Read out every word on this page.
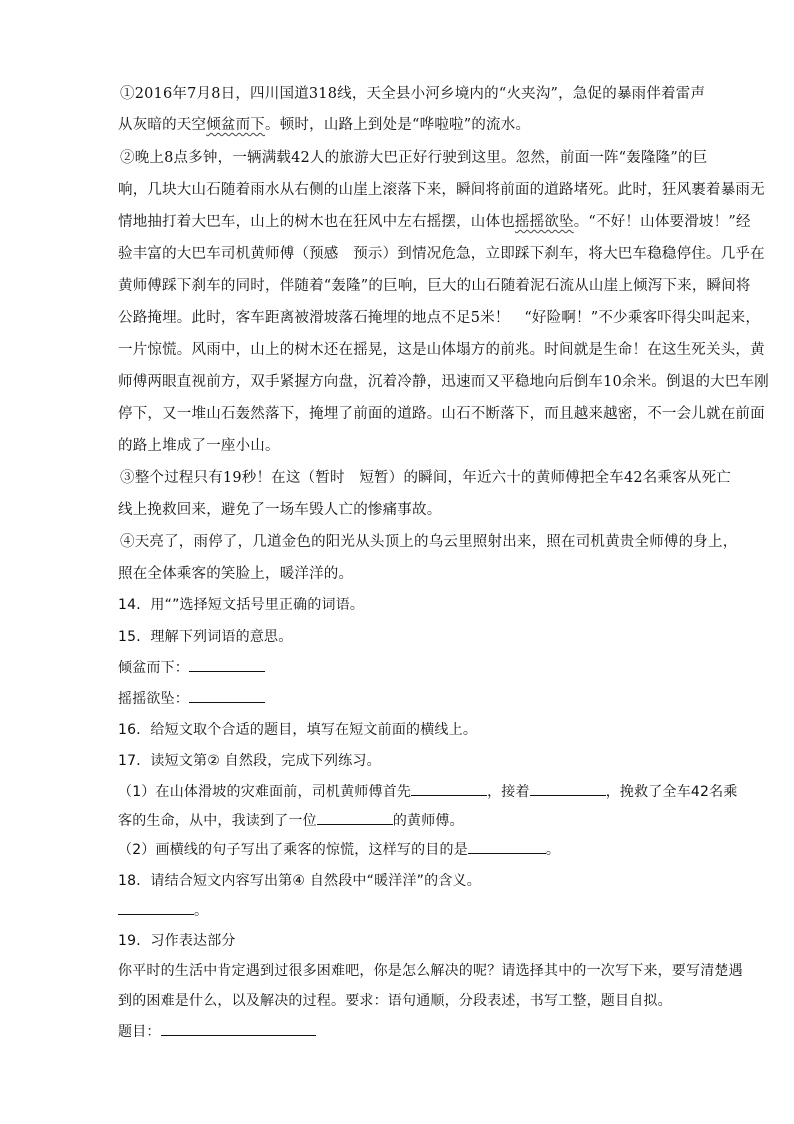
①2016年7月8日，四川国道318线，天全县小河乡境内的“火夹沟”，急促的暴雨伴着雷声
从灰暗的天空倾盆而下。顿时，山路上到处是“哗啦啦”的流水。
②晚上8点多钟，一辆满载42人的旅游大巴正好行驶到这里。忽然，前面一阵“轰隆隆”的巨
响，几块大山石随着雨水从右侧的山崖上滚落下来，瞬间将前面的道路堵死。此时，狂风裹着暴雨无
情地抽打着大巴车，山上的树木也在狂风中左右摇摆，山体也摇摇欲坠。“不好！山体要滑坡！”经
验丰富的大巴车司机黄师傅（预感　预示）到情况危急，立即踩下刹车，将大巴车稳稳停住。几乎在
黄师傅踩下刹车的同时，伴随着“轰隆”的巨响，巨大的山石随着泥石流从山崖上倾泻下来，瞬间将
公路掩埋。此时，客车距离被滑坡落石掩埋的地点不足5米！　“好险啊！”不少乘客吓得尖叫起来，
一片惊慌。风雨中，山上的树木还在摇晃，这是山体塌方的前兆。时间就是生命！在这生死关头，黄
师傅两眼直视前方，双手紧握方向盘，沉着冷静，迅速而又平稳地向后倒车10余米。倒退的大巴车刚
停下，又一堆山石轰然落下，掩埋了前面的道路。山石不断落下，而且越来越密，不一会儿就在前面
的路上堆成了一座小山。
③整个过程只有19秒！在这（暂时　短暂）的瞬间，年近六十的黄师傅把全车42名乘客从死亡
线上挽救回来，避免了一场车毁人亡的惨痛事故。
④天亮了，雨停了，几道金色的阳光从头顶上的乌云里照射出来，照在司机黄贵全师傅的身上，
照在全体乘客的笑脸上，暖洋洋的。
14．用“”选择短文括号里正确的词语。
15．理解下列词语的意思。
倾盆而下：
摇摇欲坠：
16．给短文取个合适的题目，填写在短文前面的横线上。
17．读短文第② 自然段，完成下列练习。
（1）在山体滑坡的灾难面前，司机黄师傅首先	，接着	，挽救了全车42名乘
客的生命，从中，我读到了一位	的黄师傅。
（2）画横线的句子写出了乘客的惊慌，这样写的目的是	。
18．请结合短文内容写出第④ 自然段中“暖洋洋”的含义。
。
19．习作表达部分
你平时的生活中肯定遇到过很多困难吧，你是怎么解决的呢？请选择其中的一次写下来，要写清楚遇
到的困难是什么，以及解决的过程。要求：语句通顺，分段表述，书写工整，题目自拟。
题目：
